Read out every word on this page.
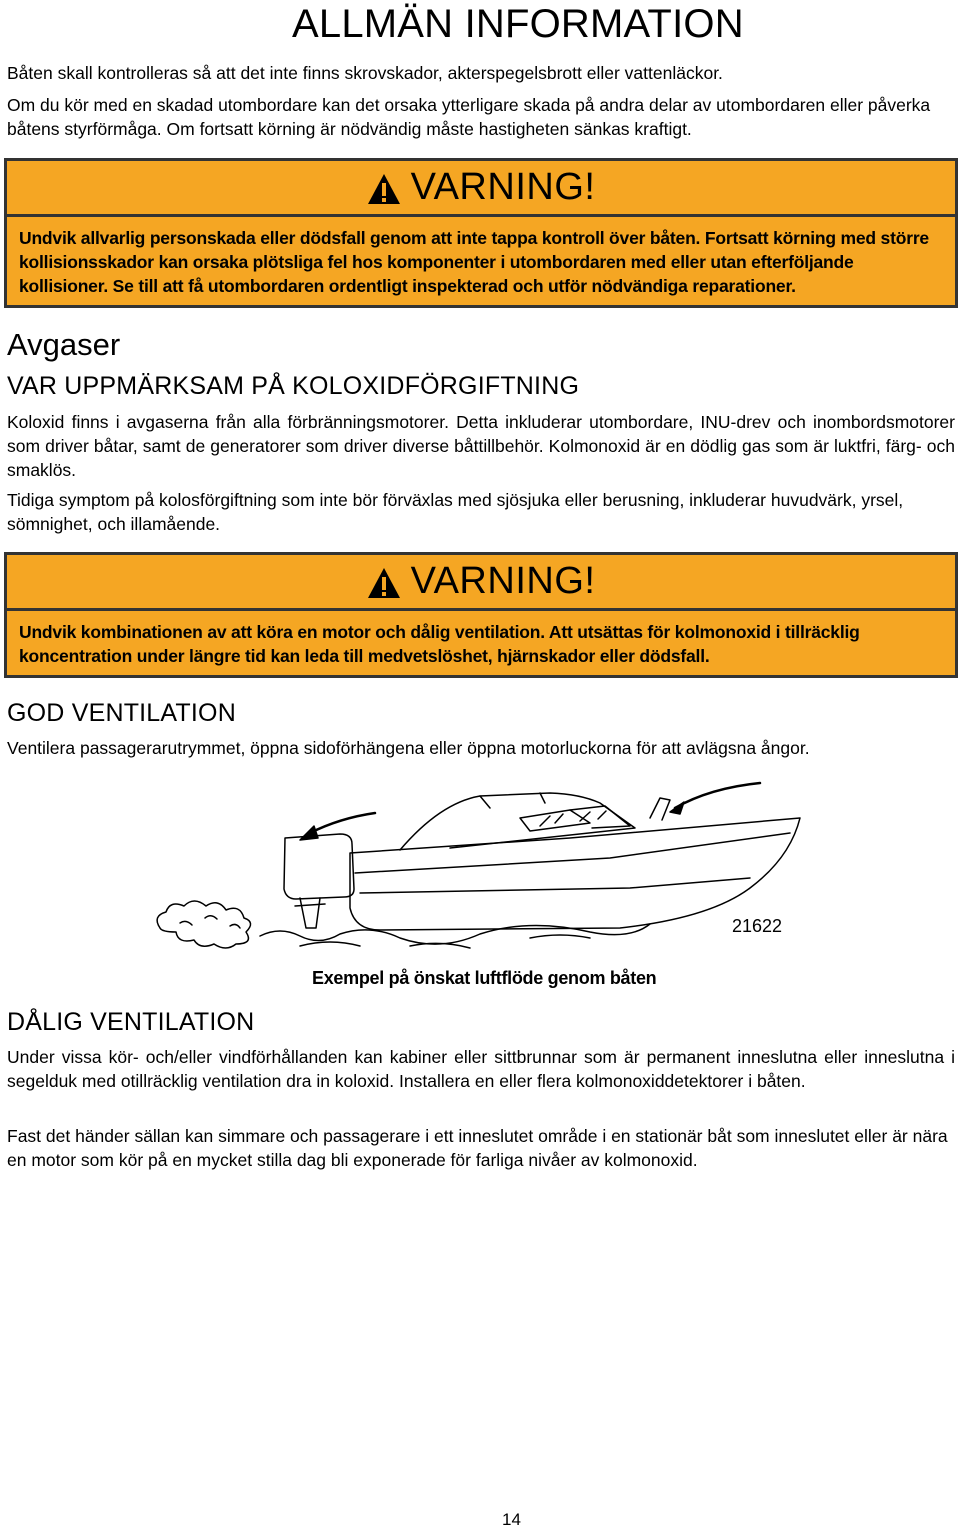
ALLMÄN INFORMATION

Båten skall kontrolleras så att det inte finns skrovskador, akterspegelsbrott eller vattenläckor.

Om du kör med en skadad utombordare kan det orsaka ytterligare skada på andra delar av utombordaren eller påverka båtens styrförmåga. Om fortsatt körning är nödvändig måste hastigheten sänkas kraftigt.

VARNING!
Undvik allvarlig personskada eller dödsfall genom att inte tappa kontroll över båten. Fortsatt körning med större kollisionsskador kan orsaka plötsliga fel hos komponenter i utombordaren med eller utan efterföljande kollisioner. Se till att få utombordaren ordentligt inspekterad och utför nödvändiga reparationer.
Avgaser
VAR UPPMÄRKSAM PÅ KOLOXIDFÖRGIFTNING

Koloxid finns i avgaserna från alla förbränningsmotorer. Detta inkluderar utombordare, INU-drev och inombordsmotorer som driver båtar, samt de generatorer som driver diverse båttillbehör. Kolmonoxid är en dödlig gas som är luktfri, färg- och smaklös.

Tidiga symptom på kolosförgiftning som inte bör förväxlas med sjösjuka eller berusning, inkluderar huvudvärk, yrsel, sömnighet, och illamående.

VARNING!
Undvik kombinationen av att köra en motor och dålig ventilation. Att utsättas för kolmonoxid i tillräcklig koncentration under längre tid kan leda till medvetslöshet, hjärnskador eller dödsfall.
GOD VENTILATION

Ventilera passagerarutrymmet, öppna sidoförhängena eller öppna motorluckorna för att avlägsna ångor.

21622
Exempel på önskat luftflöde genom båten
DÅLIG VENTILATION

Under vissa kör- och/eller vindförhållanden kan kabiner eller sittbrunnar som är permanent inneslutna eller inneslutna i segelduk med otillräcklig ventilation dra in koloxid. Installera en eller flera kolmonoxiddetektorer i båten.

Fast det händer sällan kan simmare och passagerare i ett inneslutet område i en stationär båt som inneslutet eller är nära en motor som kör på en mycket stilla dag bli exponerade för farliga nivåer av kolmonoxid.

14
